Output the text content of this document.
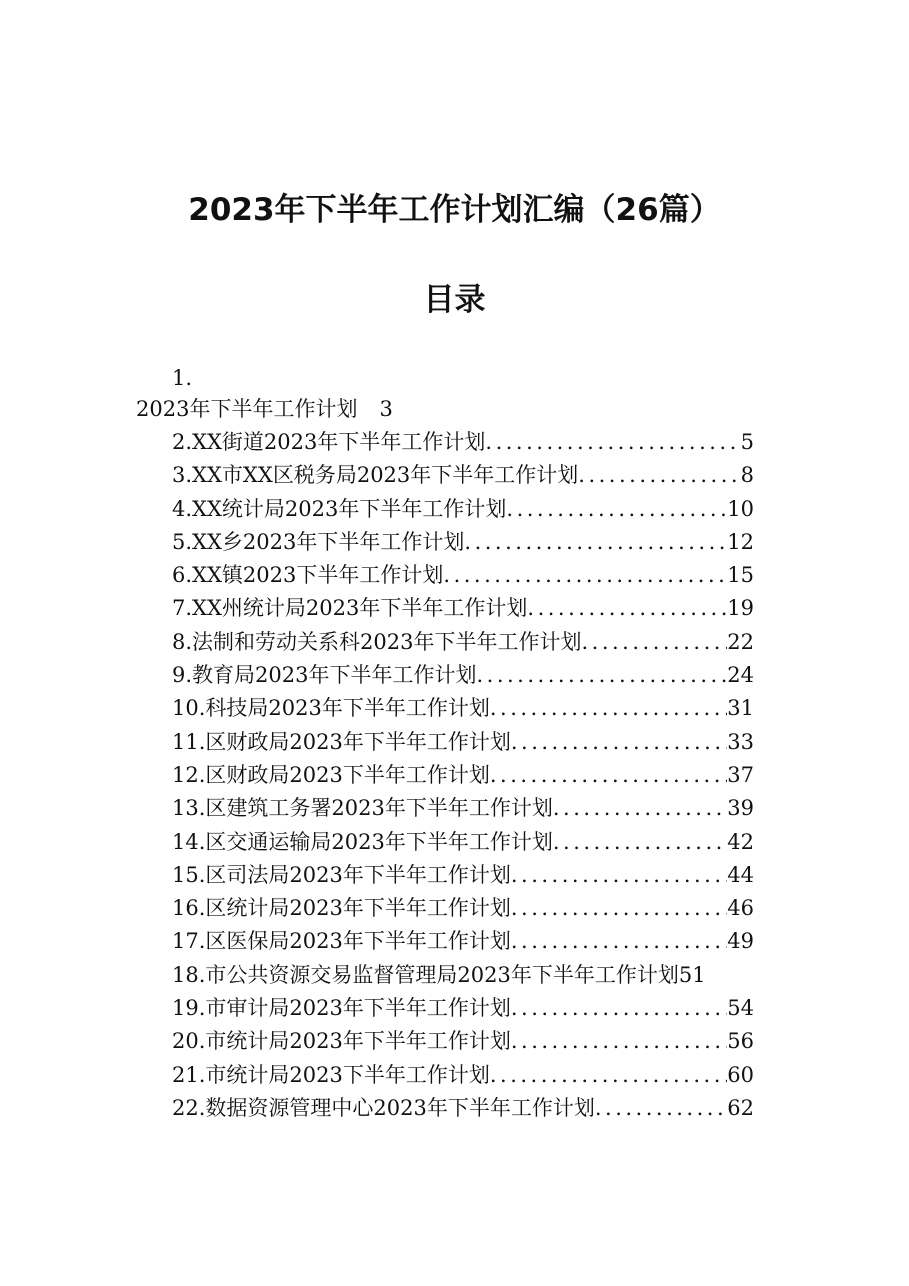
2023年下半年工作计划汇编（26篇）
目录
1.
2023年下半年工作计划 3
2.XX街道2023年下半年工作计划 .....	5
3.XX市XX区税务局2023年下半年工作计划 .....	8
4.XX统计局2023年下半年工作计划 .....	10
5.XX乡2023年下半年工作计划 .....	12
6.XX镇2023下半年工作计划 .....	15
7.XX州统计局2023年下半年工作计划 .....	19
8.法制和劳动关系科2023年下半年工作计划 .....	22
9.教育局2023年下半年工作计划 .....	24
10.科技局2023年下半年工作计划 .....	31
11.区财政局2023年下半年工作计划 .....	33
12.区财政局2023下半年工作计划 .....	37
13.区建筑工务署2023年下半年工作计划 .....	39
14.区交通运输局2023年下半年工作计划 .....	42
15.区司法局2023年下半年工作计划 .....	44
16.区统计局2023年下半年工作计划 .....	46
17.区医保局2023年下半年工作计划 .....	49
18.市公共资源交易监督管理局2023年下半年工作计划 51
19.市审计局2023年下半年工作计划 .....	54
20.市统计局2023年下半年工作计划 .....	56
21.市统计局2023下半年工作计划 .....	60
22.数据资源管理中心2023年下半年工作计划 .....	62
